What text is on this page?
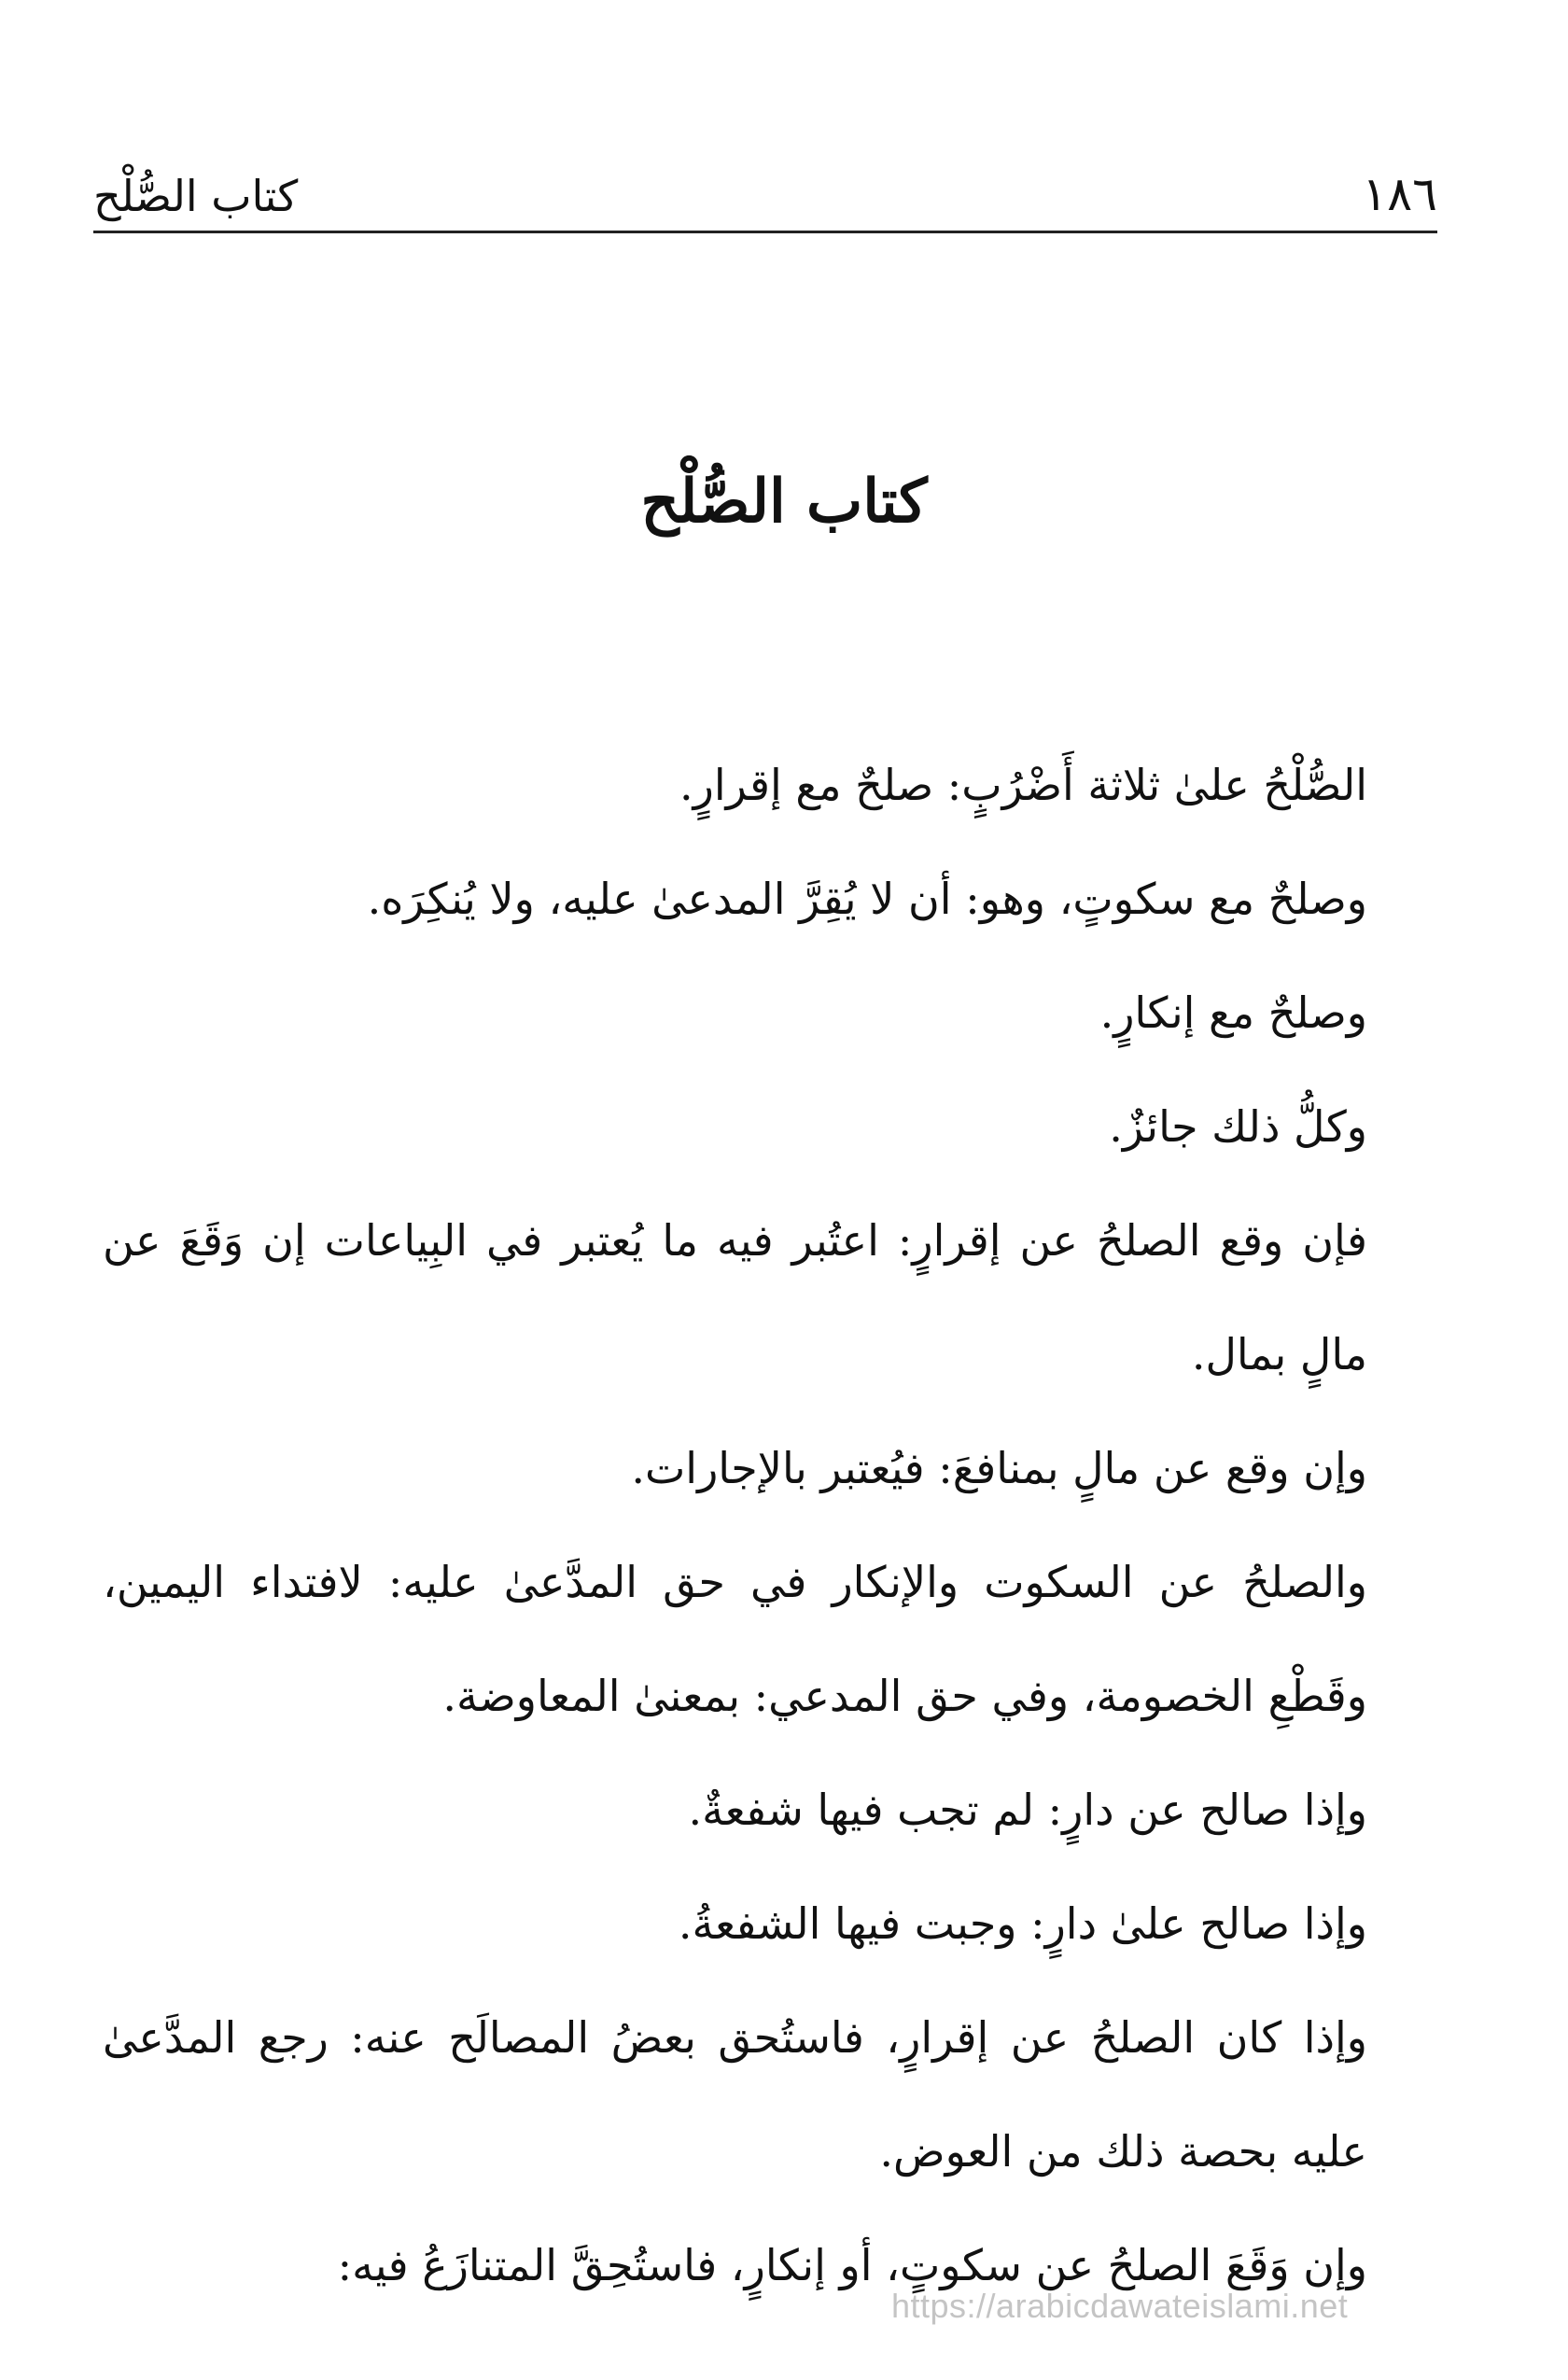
١٨٦
كتاب الصُّلْح
كتاب الصُّلْح

الصُّلْحُ علىٰ ثلاثة أَضْرُبٍ: صلحٌ مع إقرارٍ.

وصلحٌ مع سكوتٍ، وهو: أن لا يُقِرَّ المدعىٰ عليه، ولا يُنكِرَه.

وصلحٌ مع إنكارٍ.

وكلُّ ذلك جائزٌ.

فإن وقع الصلحُ عن إقرارٍ: اعتُبر فيه ما يُعتبر في البِياعات إن وَقَعَ عن مالٍ بمال.

وإن وقع عن مالٍ بمنافعَ: فيُعتبر بالإجارات.

والصلحُ عن السكوت والإنكار في حق المدَّعىٰ عليه: لافتداء اليمين، وقَطْعِ الخصومة، وفي حق المدعي: بمعنىٰ المعاوضة.

وإذا صالح عن دارٍ: لم تجب فيها شفعةٌ.

وإذا صالح علىٰ دارٍ: وجبت فيها الشفعةُ.

وإذا كان الصلحُ عن إقرارٍ، فاستُحق بعضُ المصالَح عنه: رجع المدَّعىٰ عليه بحصة ذلك من العوض.

وإن وَقَعَ الصلحُ عن سكوتٍ، أو إنكارٍ، فاستُحِقَّ المتنازَعُ فيه:

https://arabicdawateislami.net
